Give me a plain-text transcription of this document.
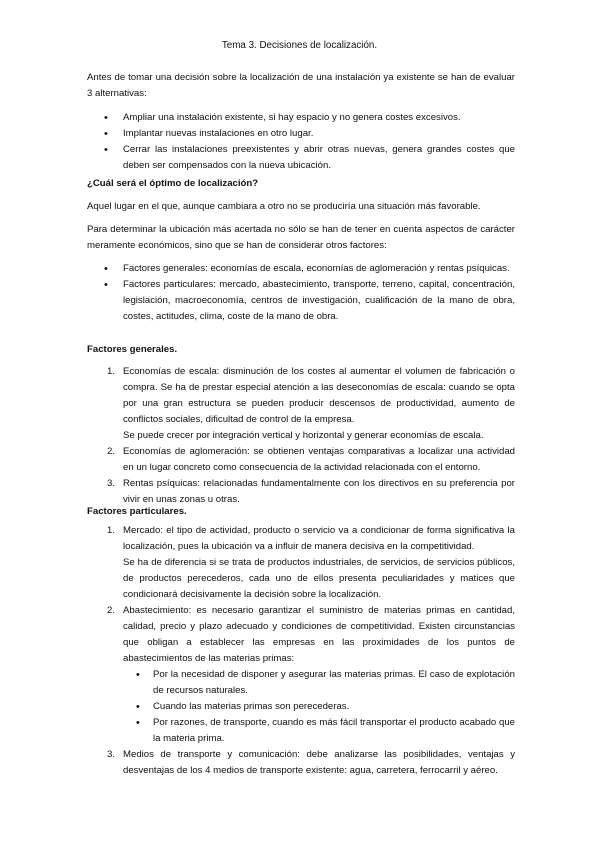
Tema 3. Decisiones de localización.

Antes de tomar una decisión sobre la localización de una instalación ya existente se han de evaluar 3 alternativas:

• Ampliar una instalación existente, si hay espacio y no genera costes excesivos.
• Implantar nuevas instalaciones en otro lugar.
• Cerrar las instalaciones preexistentes y abrir otras nuevas, genera grandes costes que deben ser compensados con la nueva ubicación.
¿Cuál será el óptimo de localización?

Aquel lugar en el que, aunque cambiara a otro no se produciría una situación más favorable.

Para determinar la ubicación más acertada no sólo se han de tener en cuenta aspectos de carácter meramente económicos, sino que se han de considerar otros factores:

• Factores generales: economías de escala, economías de aglomeración y rentas psíquicas.
• Factores particulares: mercado, abastecimiento, transporte, terreno, capital, concentración, legislación, macroeconomía, centros de investigación, cualificación de la mano de obra, costes, actitudes, clima, coste de la mano de obra.
Factores generales.
1. Economías de escala: disminución de los costes al aumentar el volumen de fabricación o compra. Se ha de prestar especial atención a las deseconomías de escala: cuando se opta por una gran estructura se pueden producir descensos de productividad, aumento de conflictos sociales, dificultad de control de la empresa.
Se puede crecer por integración vertical y horizontal y generar economías de escala.
2. Economías de aglomeración: se obtienen ventajas comparativas a localizar una actividad en un lugar concreto como consecuencia de la actividad relacionada con el entorno.
3. Rentas psíquicas: relacionadas fundamentalmente con los directivos en su preferencia por vivir en unas zonas u otras.
Factores particulares.
1. Mercado: el tipo de actividad, producto o servicio va a condicionar de forma significativa la localización, pues la ubicación va a influir de manera decisiva en la competitividad.
Se ha de diferencia si se trata de productos industriales, de servicios, de servicios públicos, de productos perecederos, cada uno de ellos presenta peculiaridades y matices que condicionará decisivamente la decisión sobre la localización.
2. Abastecimiento: es necesario garantizar el suministro de materias primas en cantidad, calidad, precio y plazo adecuado y condiciones de competitividad. Existen circunstancias que obligan a establecer las empresas en las proximidades de los puntos de abastecimientos de las materias primas:
• Por la necesidad de disponer y asegurar las materias primas. El caso de explotación de recursos naturales.
• Cuando las materias primas son perecederas.
• Por razones, de transporte, cuando es más fácil transportar el producto acabado que la materia prima.
3. Medios de transporte y comunicación: debe analizarse las posibilidades, ventajas y desventajas de los 4 medios de transporte existente: agua, carretera, ferrocarril y aéreo.
